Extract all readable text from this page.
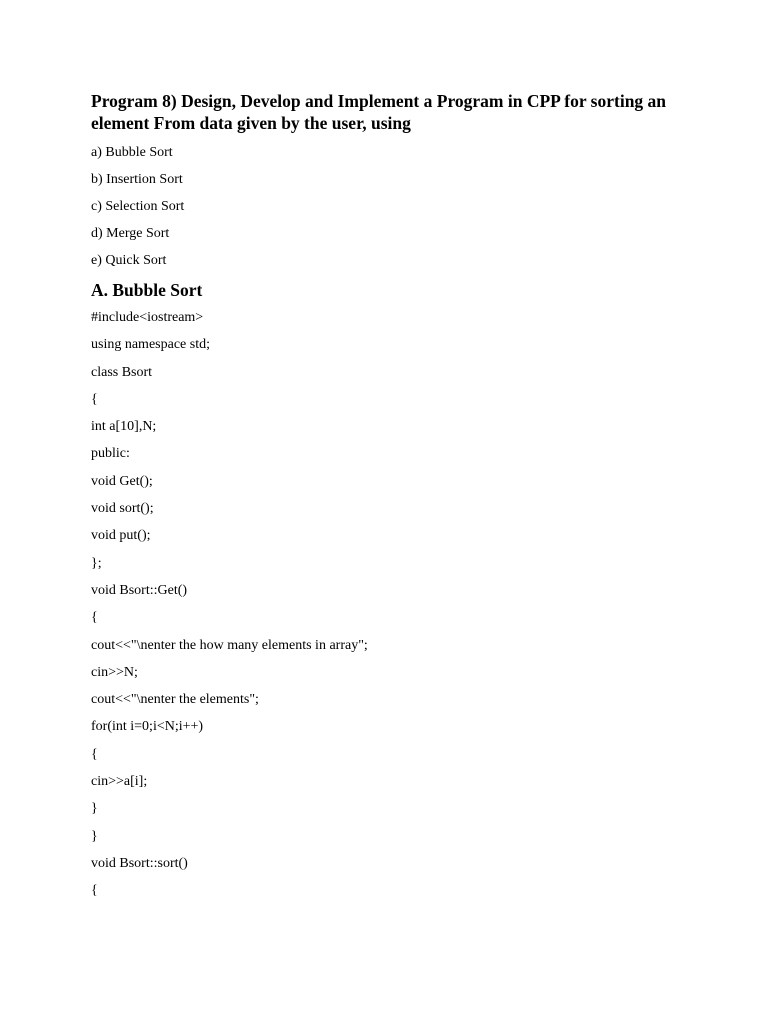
Program 8) Design, Develop and Implement a Program in CPP for sorting an element From data given by the user, using
a) Bubble Sort
b) Insertion Sort
c) Selection Sort
d) Merge Sort
e) Quick Sort
A. Bubble Sort
#include<iostream>
using namespace std;
class Bsort
{
int a[10],N;
public:
void Get();
void sort();
void put();
};
void Bsort::Get()
{
cout<<"\nenter the how many elements in array";
cin>>N;
cout<<"\nenter the elements";
for(int i=0;i<N;i++)
{
cin>>a[i];
}
}
void Bsort::sort()
{
